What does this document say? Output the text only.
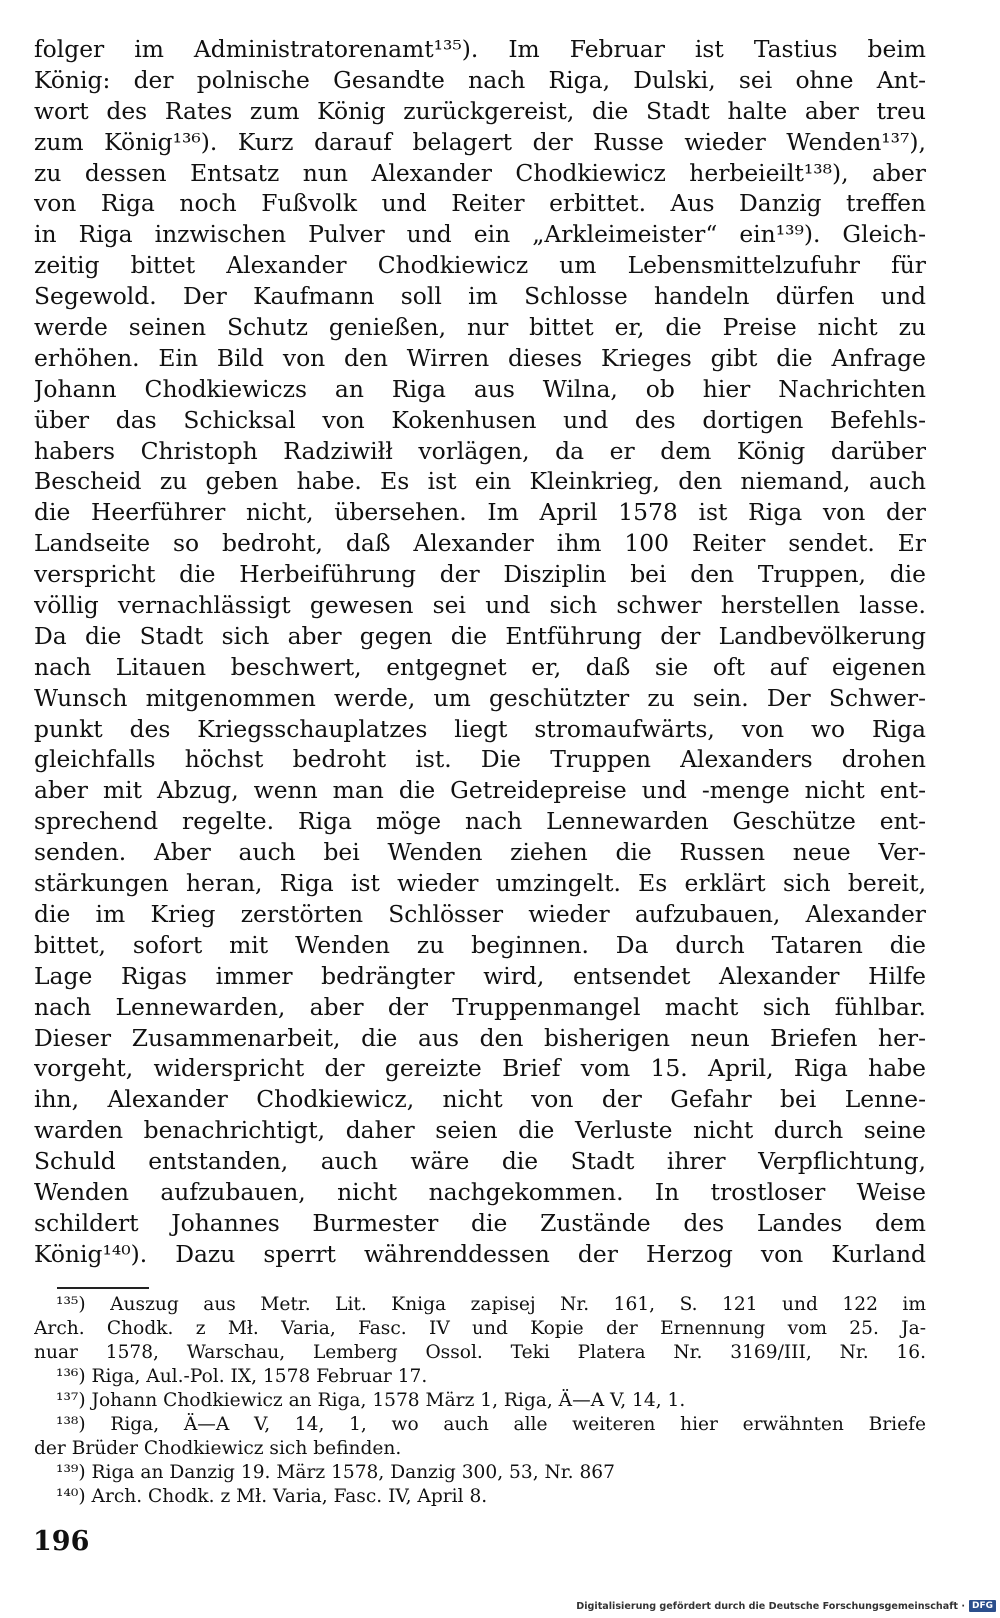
folger im Administratorenamt¹³⁵). Im Februar ist Tastius beim
König: der polnische Gesandte nach Riga, Dulski, sei ohne Ant-
wort des Rates zum König zurückgereist, die Stadt halte aber treu
zum König¹³⁶). Kurz darauf belagert der Russe wieder Wenden¹³⁷),
zu dessen Entsatz nun Alexander Chodkiewicz herbeieilt¹³⁸), aber
von Riga noch Fußvolk und Reiter erbittet. Aus Danzig treffen
in Riga inzwischen Pulver und ein „Arkleimeister“ ein¹³⁹). Gleich-
zeitig bittet Alexander Chodkiewicz um Lebensmittelzufuhr für
Segewold. Der Kaufmann soll im Schlosse handeln dürfen und
werde seinen Schutz genießen, nur bittet er, die Preise nicht zu
erhöhen. Ein Bild von den Wirren dieses Krieges gibt die Anfrage
Johann Chodkiewiczs an Riga aus Wilna, ob hier Nachrichten
über das Schicksal von Kokenhusen und des dortigen Befehls-
habers Christoph Radziwiłł vorlägen, da er dem König darüber
Bescheid zu geben habe. Es ist ein Kleinkrieg, den niemand, auch
die Heerführer nicht, übersehen. Im April 1578 ist Riga von der
Landseite so bedroht, daß Alexander ihm 100 Reiter sendet. Er
verspricht die Herbeiführung der Disziplin bei den Truppen, die
völlig vernachlässigt gewesen sei und sich schwer herstellen lasse.
Da die Stadt sich aber gegen die Entführung der Landbevölkerung
nach Litauen beschwert, entgegnet er, daß sie oft auf eigenen
Wunsch mitgenommen werde, um geschützter zu sein. Der Schwer-
punkt des Kriegsschauplatzes liegt stromaufwärts, von wo Riga
gleichfalls höchst bedroht ist. Die Truppen Alexanders drohen
aber mit Abzug, wenn man die Getreidepreise und -menge nicht ent-
sprechend regelte. Riga möge nach Lennewarden Geschütze ent-
senden. Aber auch bei Wenden ziehen die Russen neue Ver-
stärkungen heran, Riga ist wieder umzingelt. Es erklärt sich bereit,
die im Krieg zerstörten Schlösser wieder aufzubauen, Alexander
bittet, sofort mit Wenden zu beginnen. Da durch Tataren die
Lage Rigas immer bedrängter wird, entsendet Alexander Hilfe
nach Lennewarden, aber der Truppenmangel macht sich fühlbar.
Dieser Zusammenarbeit, die aus den bisherigen neun Briefen her-
vorgeht, widerspricht der gereizte Brief vom 15. April, Riga habe
ihn, Alexander Chodkiewicz, nicht von der Gefahr bei Lenne-
warden benachrichtigt, daher seien die Verluste nicht durch seine
Schuld entstanden, auch wäre die Stadt ihrer Verpflichtung,
Wenden aufzubauen, nicht nachgekommen. In trostloser Weise
schildert Johannes Burmester die Zustände des Landes dem
König¹⁴⁰). Dazu sperrt währenddessen der Herzog von Kurland
¹³⁵) Auszug aus Metr. Lit. Kniga zapisej Nr. 161, S. 121 und 122 im
Arch. Chodk. z Mł. Varia, Fasc. IV und Kopie der Ernennung vom 25. Ja-
nuar 1578, Warschau, Lemberg Ossol. Teki Platera Nr. 3169/III, Nr. 16.
¹³⁶) Riga, Aul.-Pol. IX, 1578 Februar 17.
¹³⁷) Johann Chodkiewicz an Riga, 1578 März 1, Riga, Ä—A V, 14, 1.
¹³⁸) Riga, Ä—A V, 14, 1, wo auch alle weiteren hier erwähnten Briefe
der Brüder Chodkiewicz sich befinden.
¹³⁹) Riga an Danzig 19. März 1578, Danzig 300, 53, Nr. 867
¹⁴⁰) Arch. Chodk. z Mł. Varia, Fasc. IV, April 8.
196
Digitalisierung gefördert durch die Deutsche Forschungsgemeinschaft · DFG
